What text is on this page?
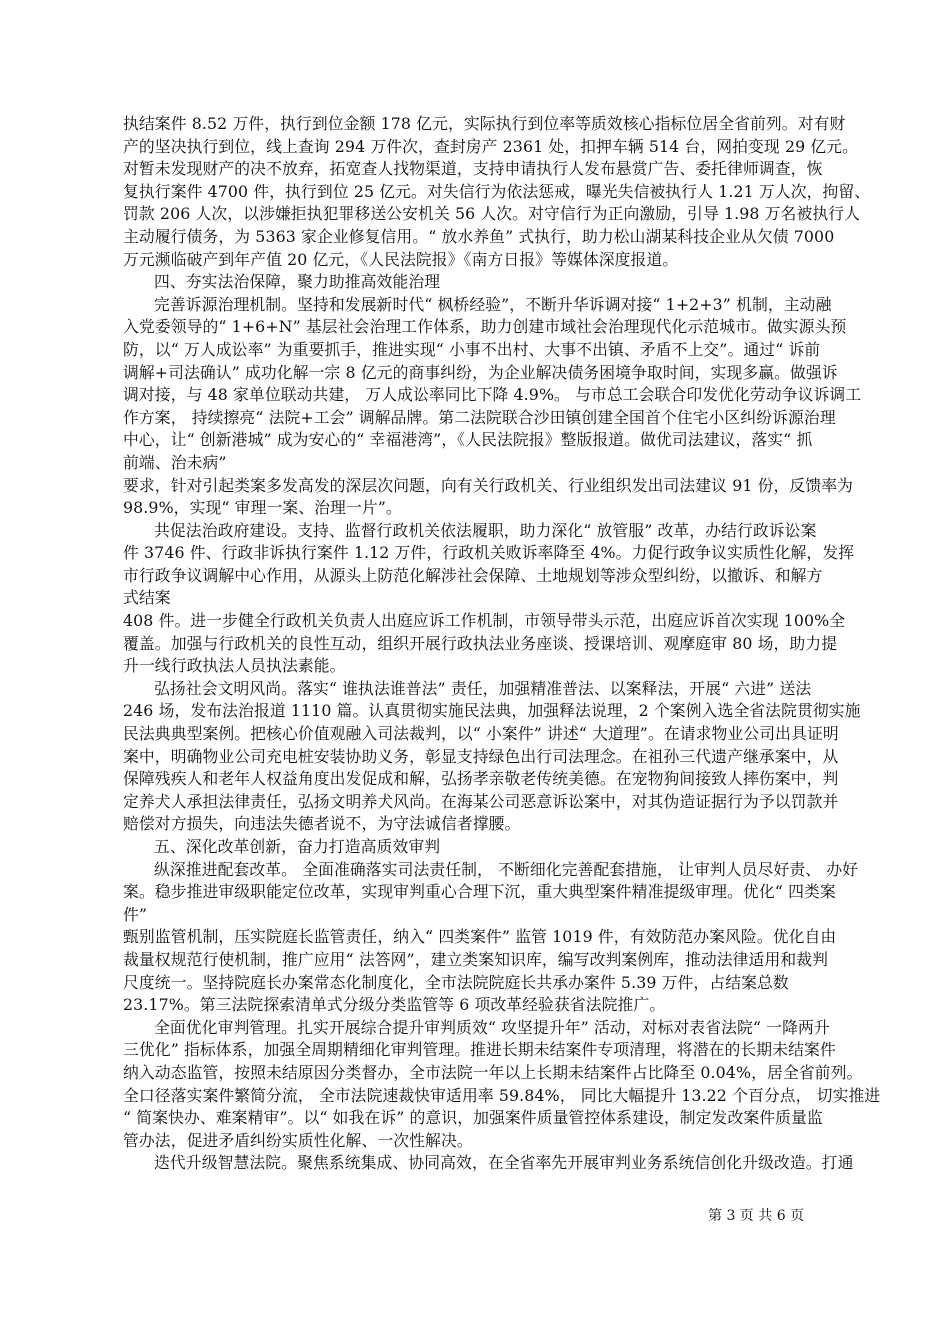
执结案件 8.52 万件，执行到位金额 178 亿元，实际执行到位率等质效核心指标位居全省前列。对有财
产的坚决执行到位，线上查询 294 万件次，查封房产 2361 处，扣押车辆 514 台，网拍变现 29 亿元。
对暂未发现财产的决不放弃，拓宽查人找物渠道，支持申请执行人发布悬赏广告、委托律师调查，恢
复执行案件 4700 件，执行到位 25 亿元。对失信行为依法惩戒，曝光失信被执行人 1.21 万人次，拘留、
罚款 206 人次，以涉嫌拒执犯罪移送公安机关 56 人次。对守信行为正向激励，引导 1.98 万名被执行人
主动履行债务，为 5363 家企业修复信用。“ 放水养鱼” 式执行，助力松山湖某科技企业从欠债 7000
万元濒临破产到年产值 20 亿元，《人民法院报》《南方日报》等媒体深度报道。
四、夯实法治保障，聚力助推高效能治理
完善诉源治理机制。坚持和发展新时代“ 枫桥经验”，不断升华诉调对接“ 1+2+3” 机制，主动融
入党委领导的“ 1+6+N” 基层社会治理工作体系，助力创建市域社会治理现代化示范城市。做实源头预
防，以“ 万人成讼率” 为重要抓手，推进实现“ 小事不出村、大事不出镇、矛盾不上交”。通过“ 诉前
调解+司法确认” 成功化解一宗 8 亿元的商事纠纷，为企业解决债务困境争取时间，实现多赢。做强诉
调对接，与 48 家单位联动共建， 万人成讼率同比下降 4.9%。 与市总工会联合印发优化劳动争议诉调工
作方案， 持续擦亮“ 法院+工会” 调解品牌。第二法院联合沙田镇创建全国首个住宅小区纠纷诉源治理
中心，让“ 创新港城” 成为安心的“ 幸福港湾”，《人民法院报》整版报道。做优司法建议，落实“ 抓
前端、治未病”
要求，针对引起类案多发高发的深层次问题，向有关行政机关、行业组织发出司法建议 91 份，反馈率为
98.9%，实现“ 审理一案、治理一片”。
共促法治政府建设。支持、监督行政机关依法履职，助力深化“ 放管服” 改革，办结行政诉讼案
件 3746 件、行政非诉执行案件 1.12 万件，行政机关败诉率降至 4%。力促行政争议实质性化解，发挥
市行政争议调解中心作用，从源头上防范化解涉社会保障、土地规划等涉众型纠纷，以撤诉、和解方
式结案
408 件。进一步健全行政机关负责人出庭应诉工作机制，市领导带头示范，出庭应诉首次实现 100%全
覆盖。加强与行政机关的良性互动，组织开展行政执法业务座谈、授课培训、观摩庭审 80 场，助力提
升一线行政执法人员执法素能。
弘扬社会文明风尚。落实“ 谁执法谁普法” 责任，加强精准普法、以案释法，开展“ 六进” 送法
246 场，发布法治报道 1110 篇。认真贯彻实施民法典，加强释法说理，2 个案例入选全省法院贯彻实施
民法典典型案例。把核心价值观融入司法裁判，以“ 小案件” 讲述“ 大道理”。在请求物业公司出具证明
案中，明确物业公司充电桩安装协助义务，彰显支持绿色出行司法理念。在祖孙三代遗产继承案中，从
保障残疾人和老年人权益角度出发促成和解，弘扬孝亲敬老传统美德。在宠物狗间接致人摔伤案中，判
定养犬人承担法律责任，弘扬文明养犬风尚。在海某公司恶意诉讼案中，对其伪造证据行为予以罚款并
赔偿对方损失，向违法失德者说不，为守法诚信者撑腰。
五、深化改革创新，奋力打造高质效审判
纵深推进配套改革。 全面准确落实司法责任制， 不断细化完善配套措施， 让审判人员尽好责、 办好
案。稳步推进审级职能定位改革，实现审判重心合理下沉，重大典型案件精准提级审理。优化“ 四类案
件”
甄别监管机制，压实院庭长监管责任，纳入“ 四类案件” 监管 1019 件，有效防范办案风险。优化自由
裁量权规范行使机制，推广应用“ 法答网”，建立类案知识库，编写改判案例库，推动法律适用和裁判
尺度统一。坚持院庭长办案常态化制度化，全市法院院庭长共承办案件 5.39 万件，占结案总数
23.17%。第三法院探索清单式分级分类监管等 6 项改革经验获省法院推广。
全面优化审判管理。扎实开展综合提升审判质效“ 攻坚提升年” 活动，对标对表省法院“ 一降两升
三优化” 指标体系，加强全周期精细化审判管理。推进长期未结案件专项清理，将潜在的长期未结案件
纳入动态监管，按照未结原因分类督办，全市法院一年以上长期未结案件占比降至 0.04%，居全省前列。
全口径落实案件繁简分流， 全市法院速裁快审适用率 59.84%， 同比大幅提升 13.22 个百分点， 切实推进
“ 简案快办、难案精审”。以“ 如我在诉” 的意识，加强案件质量管控体系建设，制定发改案件质量监
管办法，促进矛盾纠纷实质性化解、一次性解决。
迭代升级智慧法院。聚焦系统集成、协同高效，在全省率先开展审判业务系统信创化升级改造。打通
第 3 页 共 6 页
